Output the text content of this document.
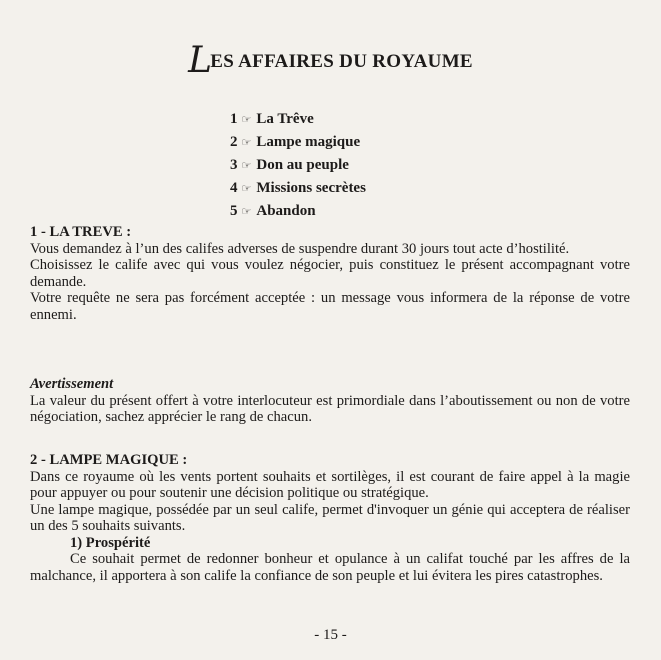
LES AFFAIRES DU ROYAUME
1 ☞ La Trêve
2 ☞ Lampe magique
3 ☞ Don au peuple
4 ☞ Missions secrètes
5 ☞ Abandon
1 - LA TREVE :
Vous demandez à l’un des califes adverses de suspendre durant 30 jours tout acte d’hostilité.
Choisissez le calife avec qui vous voulez négocier, puis constituez le présent accompagnant votre demande.
Votre requête ne sera pas forcément acceptée : un message vous informera de la réponse de votre ennemi.
Avertissement
La valeur du présent offert à votre interlocuteur est primordiale dans l’aboutissement ou non de votre négociation, sachez apprécier le rang de chacun.
2 - LAMPE MAGIQUE :
Dans ce royaume où les vents portent souhaits et sortilèges, il est courant de faire appel à la magie pour appuyer ou pour soutenir une décision politique ou stratégique.
Une lampe magique, possédée par un seul calife, permet d'invoquer un génie qui acceptera de réaliser un des 5 souhaits suivants.
1) Prospérité
Ce souhait permet de redonner bonheur et opulance à un califat touché par les affres de la malchance, il apportera à son calife la confiance de son peuple et lui évitera les pires catastrophes.
- 15 -
